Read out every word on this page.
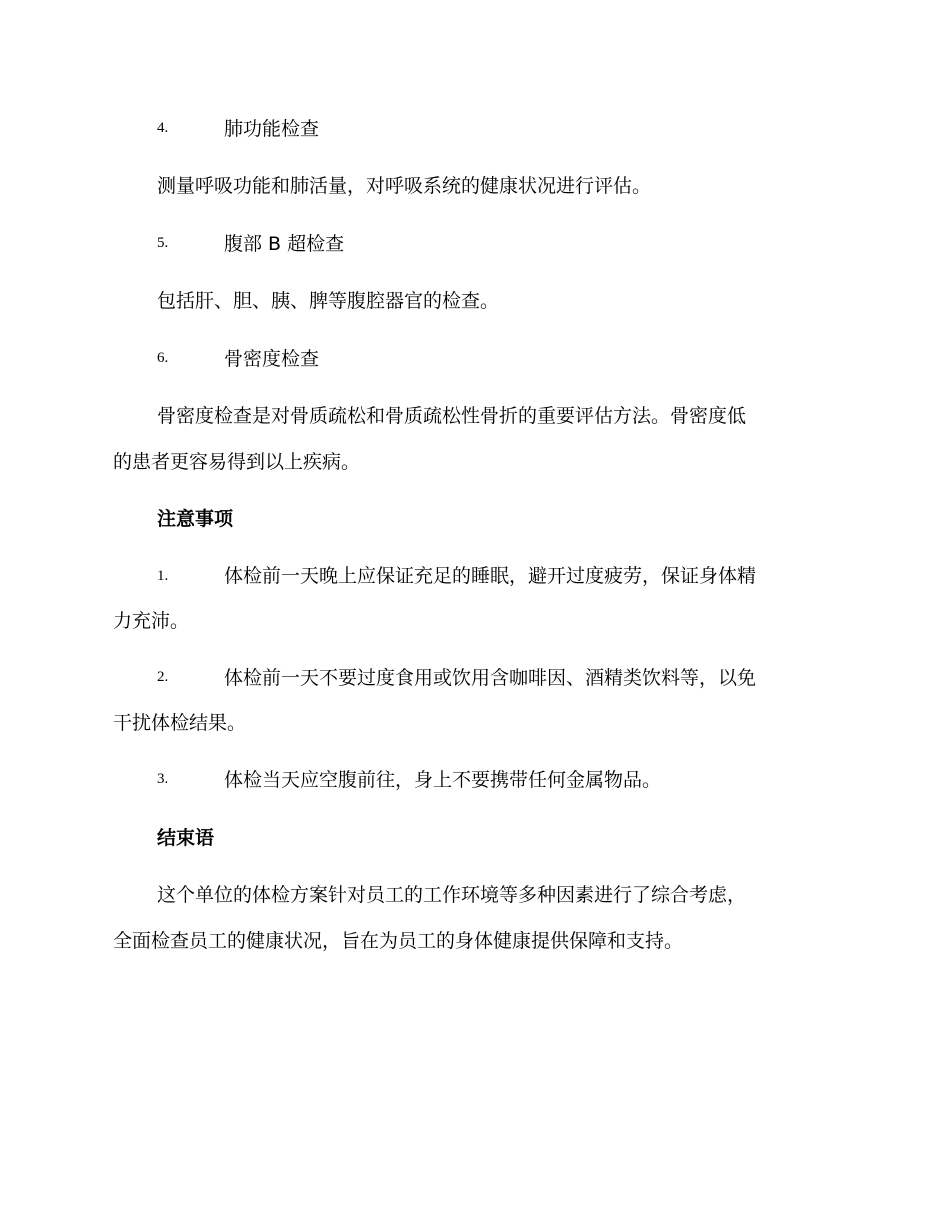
4.	肺功能检查
测量呼吸功能和肺活量，对呼吸系统的健康状况进行评估。
5.	腹部 B 超检查
包括肝、胆、胰、脾等腹腔器官的检查。
6.	骨密度检查
骨密度检查是对骨质疏松和骨质疏松性骨折的重要评估方法。骨密度低
的患者更容易得到以上疾病。
注意事项
1.	体检前一天晚上应保证充足的睡眠，避开过度疲劳，保证身体精
力充沛。
2.	体检前一天不要过度食用或饮用含咖啡因、酒精类饮料等，以免
干扰体检结果。
3.	体检当天应空腹前往，身上不要携带任何金属物品。
结束语
这个单位的体检方案针对员工的工作环境等多种因素进行了综合考虑，
全面检查员工的健康状况，旨在为员工的身体健康提供保障和支持。
